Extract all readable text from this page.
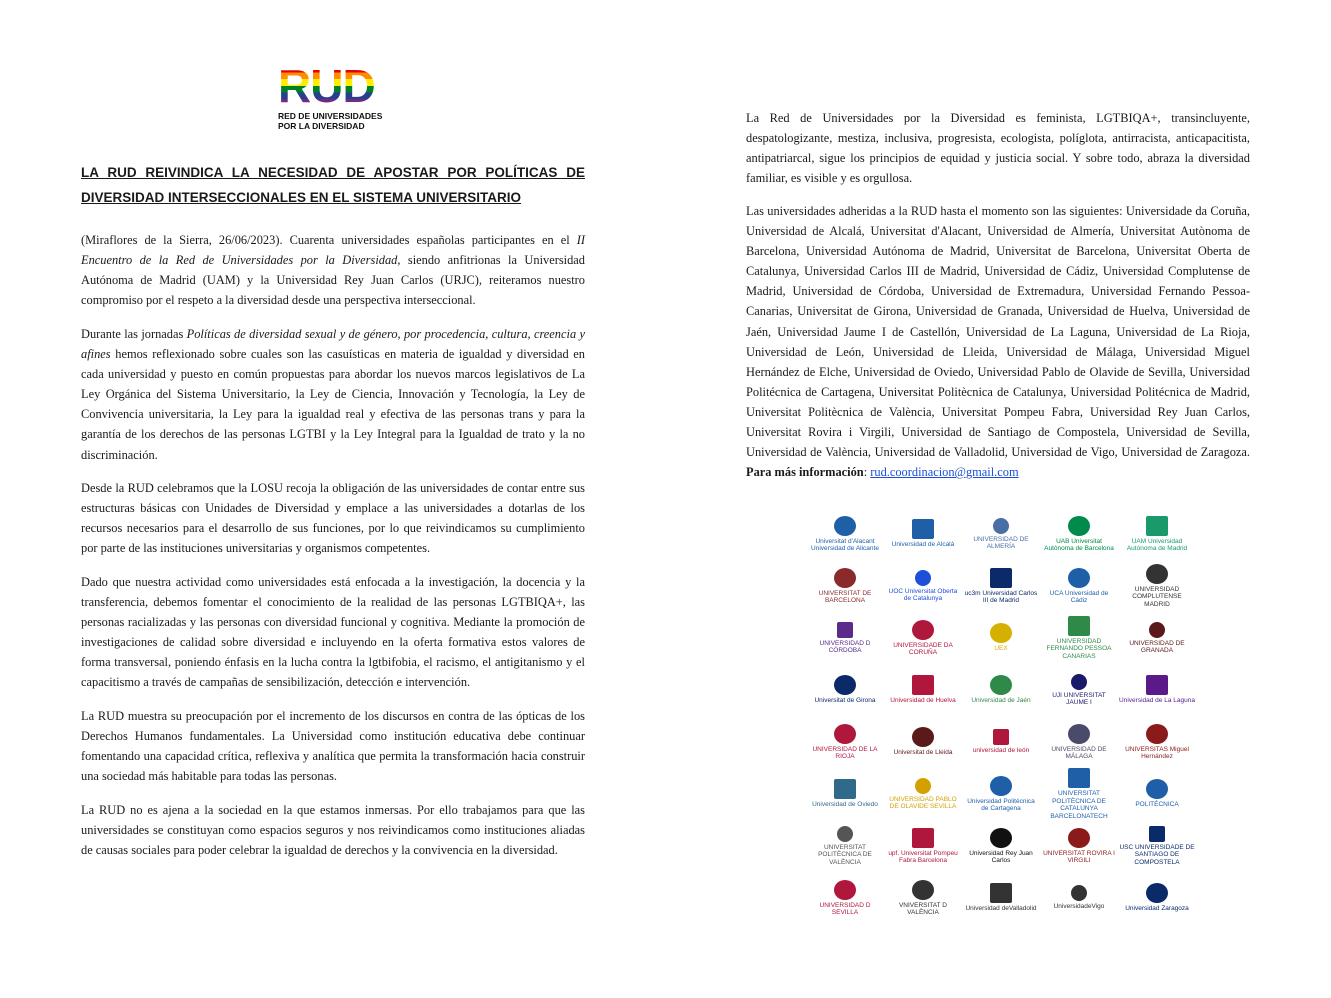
R U D
RED DE UNIVERSIDADES
POR LA DIVERSIDAD
LA RUD REIVINDICA LA NECESIDAD DE APOSTAR POR POLÍTICAS DE DIVERSIDAD INTERSECCIONALES EN EL SISTEMA UNIVERSITARIO

(Miraflores de la Sierra, 26/06/2023). Cuarenta universidades españolas participantes en el II Encuentro de la Red de Universidades por la Diversidad, siendo anfitrionas la Universidad Autónoma de Madrid (UAM) y la Universidad Rey Juan Carlos (URJC), reiteramos nuestro compromiso por el respeto a la diversidad desde una perspectiva interseccional.

Durante las jornadas Políticas de diversidad sexual y de género, por procedencia, cultura, creencia y afines hemos reflexionado sobre cuales son las casuísticas en materia de igualdad y diversidad en cada universidad y puesto en común propuestas para abordar los nuevos marcos legislativos de La Ley Orgánica del Sistema Universitario, la Ley de Ciencia, Innovación y Tecnología, la Ley de Convivencia universitaria, la Ley para la igualdad real y efectiva de las personas trans y para la garantía de los derechos de las personas LGTBI y la Ley Integral para la Igualdad de trato y la no discriminación.

Desde la RUD celebramos que la LOSU recoja la obligación de las universidades de contar entre sus estructuras básicas con Unidades de Diversidad y emplace a las universidades a dotarlas de los recursos necesarios para el desarrollo de sus funciones, por lo que reivindicamos su cumplimiento por parte de las instituciones universitarias y organismos competentes.

Dado que nuestra actividad como universidades está enfocada a la investigación, la docencia y la transferencia, debemos fomentar el conocimiento de la realidad de las personas LGTBIQA+, las personas racializadas y las personas con diversidad funcional y cognitiva. Mediante la promoción de investigaciones de calidad sobre diversidad e incluyendo en la oferta formativa estos valores de forma transversal, poniendo énfasis en la lucha contra la lgtbifobia, el racismo, el antigitanismo y el capacitismo a través de campañas de sensibilización, detección e intervención.

La RUD muestra su preocupación por el incremento de los discursos en contra de las ópticas de los Derechos Humanos fundamentales. La Universidad como institución educativa debe continuar fomentando una capacidad crítica, reflexiva y analítica que permita la transformación hacia construir una sociedad más habitable para todas las personas.

La RUD no es ajena a la sociedad en la que estamos inmersas. Por ello trabajamos para que las universidades se constituyan como espacios seguros y nos reivindicamos como instituciones aliadas de causas sociales para poder celebrar la igualdad de derechos y la convivencia en la diversidad.

La Red de Universidades por la Diversidad es feminista, LGTBIQA+, transincluyente, despatologizante, mestiza, inclusiva, progresista, ecologista, políglota, antirracista, anticapacitista, antipatriarcal, sigue los principios de equidad y justicia social. Y sobre todo, abraza la diversidad familiar, es visible y es orgullosa.

Las universidades adheridas a la RUD hasta el momento son las siguientes: Universidade da Coruña, Universidad de Alcalá, Universitat d'Alacant, Universidad de Almería, Universitat Autònoma de Barcelona, Universidad Autónoma de Madrid, Universitat de Barcelona, Universitat Oberta de Catalunya, Universidad Carlos III de Madrid, Universidad de Cádiz, Universidad Complutense de Madrid, Universidad de Córdoba, Universidad de Extremadura, Universidad Fernando Pessoa-Canarias, Universitat de Girona, Universidad de Granada, Universidad de Huelva, Universidad de Jaén, Universidad Jaume I de Castellón, Universidad de La Laguna, Universidad de La Rioja, Universidad de León, Universidad de Lleida, Universidad de Málaga, Universidad Miguel Hernández de Elche, Universidad de Oviedo, Universidad Pablo de Olavide de Sevilla, Universidad Politécnica de Cartagena, Universitat Politècnica de Catalunya, Universidad Politécnica de Madrid, Universitat Politècnica de València, Universitat Pompeu Fabra, Universidad Rey Juan Carlos, Universitat Rovira i Virgili, Universidad de Santiago de Compostela, Universidad de Sevilla, Universidad de València, Universidad de Valladolid, Universidad de Vigo, Universidad de Zaragoza. Para más información: rud.coordinacion@gmail.com

Universitat d'Alacant Universidad de Alicante
Universidad de Alcalá
UNIVERSIDAD DE ALMERÍA
UAB Universitat Autònoma de Barcelona
UAM Universidad Autónoma de Madrid
UNIVERSITAT DE BARCELONA
UOC Universitat Oberta de Catalunya
uc3m Universidad Carlos III de Madrid
UCA Universidad de Cádiz
UNIVERSIDAD COMPLUTENSE MADRID
UNIVERSIDAD D CÓRDOBA
UNIVERSIDADE DA CORUÑA
UEX
UNIVERSIDAD FERNANDO PESSOA CANARIAS
UNIVERSIDAD DE GRANADA
Universitat de Girona Universidad de Huelva Universidad de Jaén
UJI UNIVERSITAT JAUME I	Universidad de La Laguna
UNIVERSIDAD DE LA RIOJA
Universitat de Lleida	universidad de león	UNIVERSIDAD DE MÁLAGA
UNIVERSITAS Miguel Hernández
Universidad de Oviedo
UNIVERSIDAD PABLO DE OLAVIDE SEVILLA
Universidad Politécnica de Cartagena
UNIVERSITAT POLITÈCNICA DE CATALUNYA BARCELONATECH
POLITÉCNICA
UNIVERSITAT POLITÈCNICA DE VALÈNCIA
upf. Universitat Pompeu Fabra Barcelona
Universidad Rey Juan Carlos
UNIVERSITAT ROVIRA I VIRGILI
USC UNIVERSIDADE DE SANTIAGO DE COMPOSTELA
UNIVERSIDAD D SEVILLA
VNIVERSITAT D VALÈNCIA
Universidad deValladolid	UniversidadeVigo	Universidad Zaragoza
